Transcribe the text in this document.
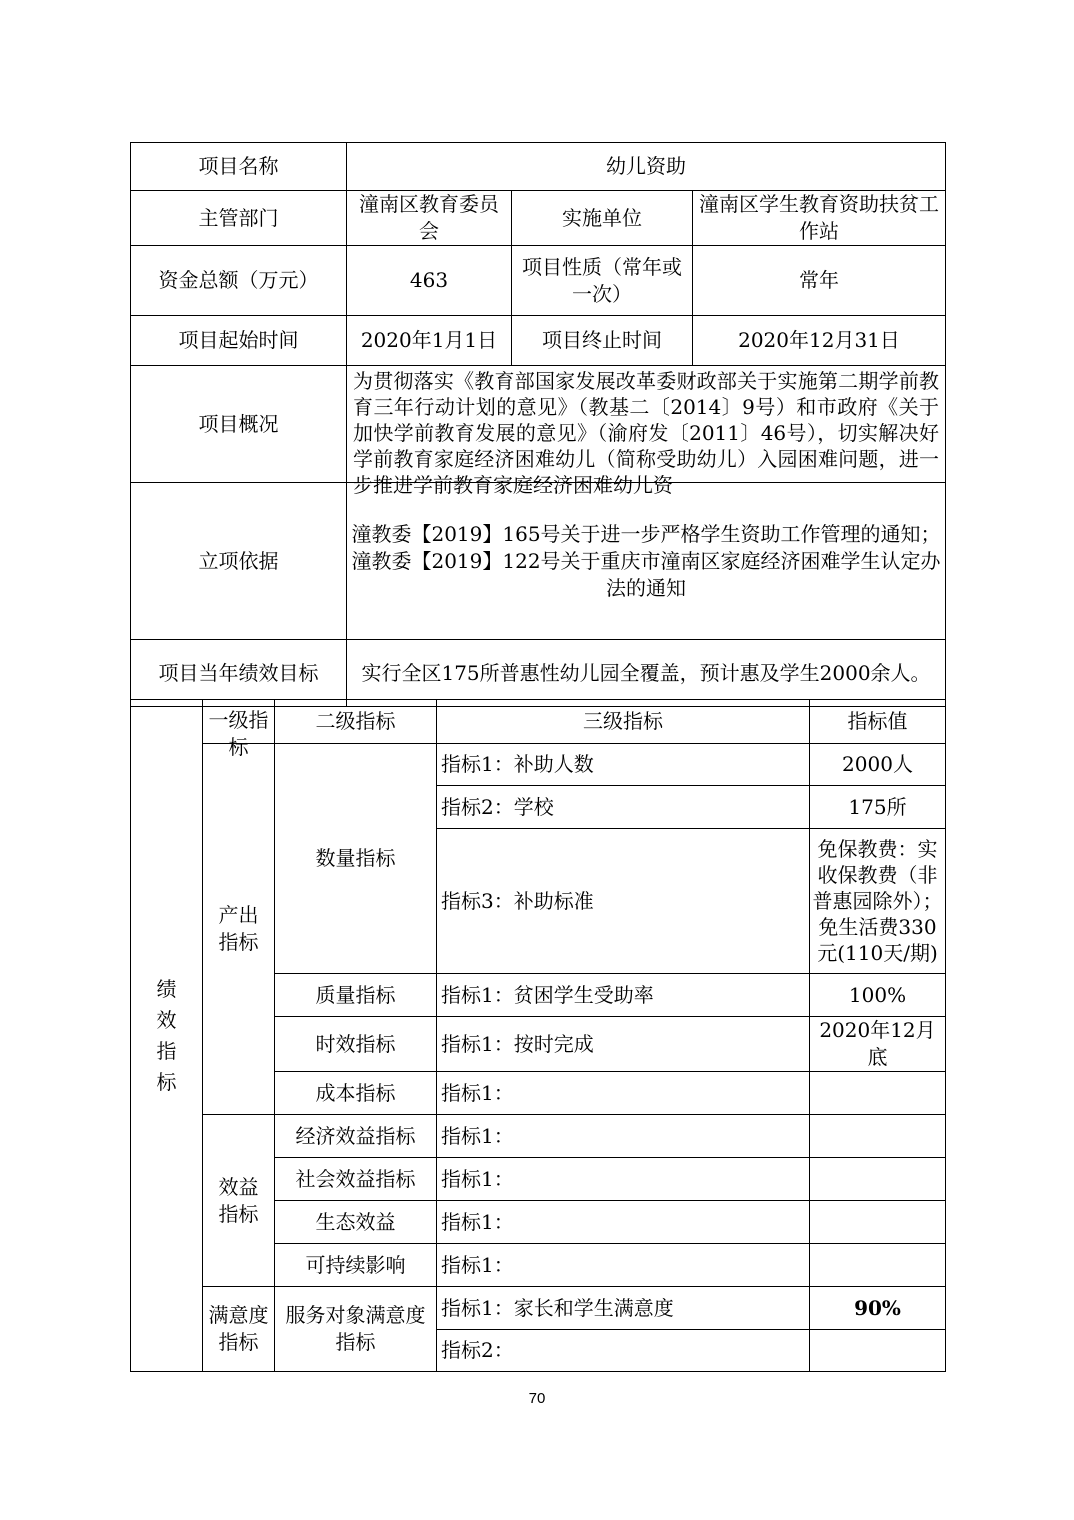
项目名称	幼儿资助		
主管部门	潼南区教育委员会	实施单位	潼南区学生教育资助扶贫工作站
资金总额（万元）	463	项目性质（常年或一次）	常年
项目起始时间	2020年1月1日	项目终止时间	2020年12月31日
项目概况	为贯彻落实《教育部国家发展改革委财政部关于实施第二期学前教育三年行动计划的意见》（教基二〔2014〕9号）和市政府《关于加快学前教育发展的意见》（渝府发〔2011〕46号），切实解决好学前教育家庭经济困难幼儿（简称受助幼儿）入园困难问题，进一步推进学前教育家庭经济困难幼儿资		

立项依据	潼教委【2019】165号关于进一步严格学生资助工作管理的通知；
潼教委【2019】122号关于重庆市潼南区家庭经济困难学生认定办法的通知		

项目当年绩效目标	实行全区175所普惠性幼儿园全覆盖，预计惠及学生2000余人。		
绩效指标	一级指标	二级指标	三级指标	指标值

	产出指标	数量指标	指标1：补助人数	2000人
			指标2：学校	175所
			指标3：补助标准	免保教费：实收保教费（非普惠园除外）；免生活费330元(110天/期)
		质量指标	指标1：贫困学生受助率	100%
		时效指标	指标1：按时完成	2020年12月底
		成本指标	指标1：	

	效益指标	经济效益指标	指标1：	
		社会效益指标	指标1：	
		生态效益	指标1：	
		可持续影响	指标1：	

	满意度指标	服务对象满意度指标	指标1：家长和学生满意度	90%
			指标2：	
70
